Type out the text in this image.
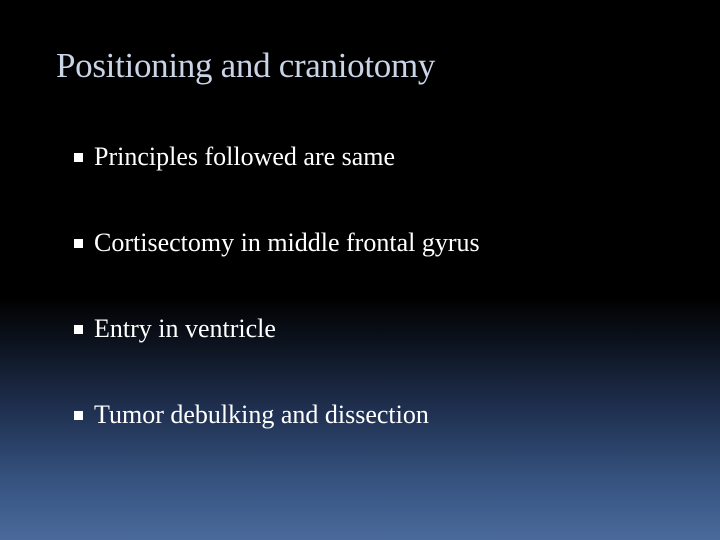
Positioning and craniotomy
Principles followed are same
Cortisectomy in middle frontal gyrus
Entry in ventricle
Tumor debulking and dissection
